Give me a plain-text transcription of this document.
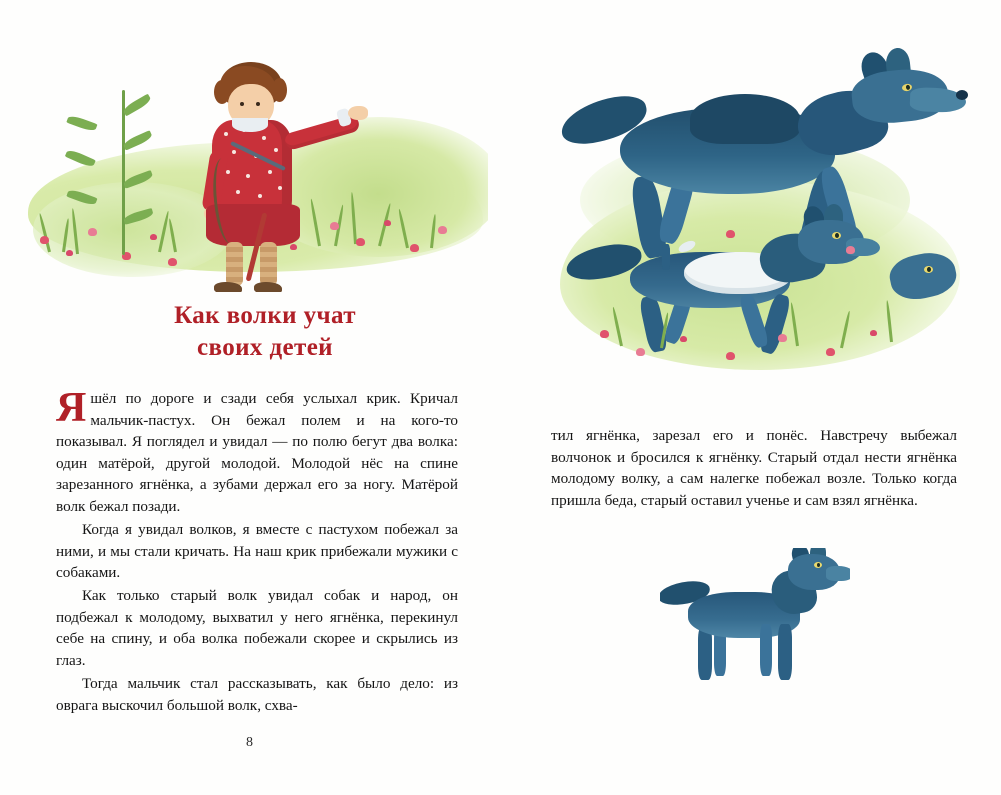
Как волки учат
своих детей

Яшёл по дороге и сзади себя услыхал крик. Кричал мальчик-пастух. Он бежал полем и на кого-то показывал. Я поглядел и увидал — по полю бегут два волка: один матёрой, другой молодой. Молодой нёс на спине зарезанного ягнёнка, а зубами держал его за ногу. Матёрой волк бежал позади.

Когда я увидал волков, я вместе с пастухом побежал за ними, и мы стали кричать. На наш крик прибежали мужики с собаками.

Как только старый волк увидал собак и народ, он подбежал к молодому, выхватил у него ягнёнка, перекинул себе на спину, и оба волка побежали скорее и скрылись из глаз.

Тогда мальчик стал рассказывать, как было дело: из оврага выскочил большой волк, схва-

тил ягнёнка, зарезал его и понёс. Навстречу выбежал волчонок и бросился к ягнёнку. Старый отдал нести ягнёнка молодому волку, а сам налегке побежал возле. Только когда пришла беда, старый оставил ученье и сам взял ягнёнка.

8
